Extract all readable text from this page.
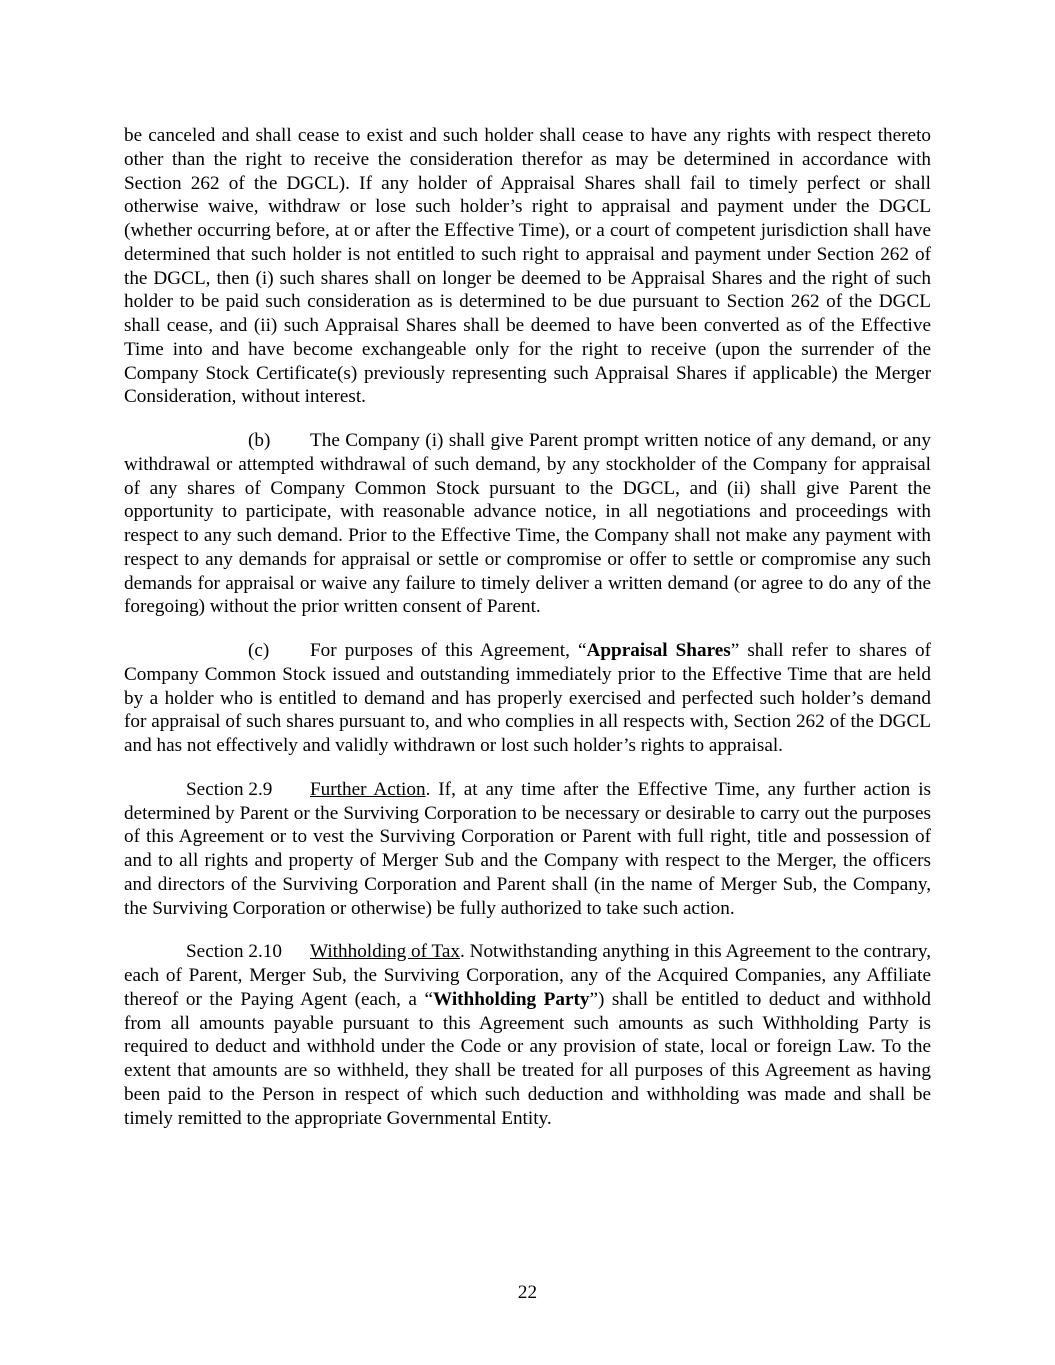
be canceled and shall cease to exist and such holder shall cease to have any rights with respect thereto other than the right to receive the consideration therefor as may be determined in accordance with Section 262 of the DGCL). If any holder of Appraisal Shares shall fail to timely perfect or shall otherwise waive, withdraw or lose such holder’s right to appraisal and payment under the DGCL (whether occurring before, at or after the Effective Time), or a court of competent jurisdiction shall have determined that such holder is not entitled to such right to appraisal and payment under Section 262 of the DGCL, then (i) such shares shall on longer be deemed to be Appraisal Shares and the right of such holder to be paid such consideration as is determined to be due pursuant to Section 262 of the DGCL shall cease, and (ii) such Appraisal Shares shall be deemed to have been converted as of the Effective Time into and have become exchangeable only for the right to receive (upon the surrender of the Company Stock Certificate(s) previously representing such Appraisal Shares if applicable) the Merger Consideration, without interest.

(b) The Company (i) shall give Parent prompt written notice of any demand, or any withdrawal or attempted withdrawal of such demand, by any stockholder of the Company for appraisal of any shares of Company Common Stock pursuant to the DGCL, and (ii) shall give Parent the opportunity to participate, with reasonable advance notice, in all negotiations and proceedings with respect to any such demand. Prior to the Effective Time, the Company shall not make any payment with respect to any demands for appraisal or settle or compromise or offer to settle or compromise any such demands for appraisal or waive any failure to timely deliver a written demand (or agree to do any of the foregoing) without the prior written consent of Parent.

(c) For purposes of this Agreement, “Appraisal Shares” shall refer to shares of Company Common Stock issued and outstanding immediately prior to the Effective Time that are held by a holder who is entitled to demand and has properly exercised and perfected such holder’s demand for appraisal of such shares pursuant to, and who complies in all respects with, Section 262 of the DGCL and has not effectively and validly withdrawn or lost such holder’s rights to appraisal.

Section 2.9 Further Action. If, at any time after the Effective Time, any further action is determined by Parent or the Surviving Corporation to be necessary or desirable to carry out the purposes of this Agreement or to vest the Surviving Corporation or Parent with full right, title and possession of and to all rights and property of Merger Sub and the Company with respect to the Merger, the officers and directors of the Surviving Corporation and Parent shall (in the name of Merger Sub, the Company, the Surviving Corporation or otherwise) be fully authorized to take such action.

Section 2.10 Withholding of Tax. Notwithstanding anything in this Agreement to the contrary, each of Parent, Merger Sub, the Surviving Corporation, any of the Acquired Companies, any Affiliate thereof or the Paying Agent (each, a “Withholding Party”) shall be entitled to deduct and withhold from all amounts payable pursuant to this Agreement such amounts as such Withholding Party is required to deduct and withhold under the Code or any provision of state, local or foreign Law. To the extent that amounts are so withheld, they shall be treated for all purposes of this Agreement as having been paid to the Person in respect of which such deduction and withholding was made and shall be timely remitted to the appropriate Governmental Entity.

22
